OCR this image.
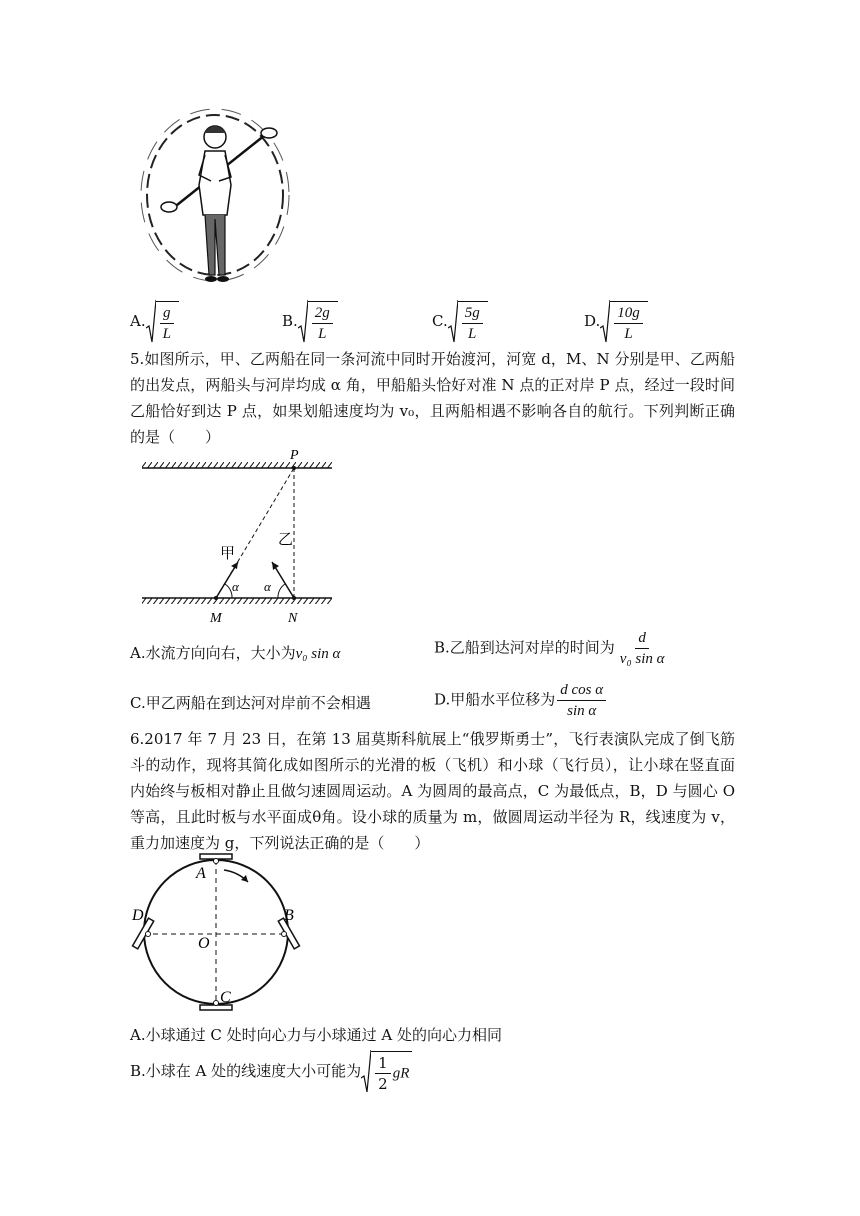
A. $\frac{g}{L}$	B. $\frac{2g}{L}$	C. $\frac{5g}{L}$	D. $\frac{10g}{L}$
5.如图所示，甲、乙两船在同一条河流中同时开始渡河，河宽 d，M、N 分别是甲、乙两船的出发点，两船头与河岸均成 α 角，甲船船头恰好对准 N 点的正对岸 P 点，经过一段时间乙船恰好到达 P 点，如果划船速度均为 v₀，且两船相遇不影响各自的航行。下列判断正确的是（　　）
P
α α
甲
乙
M	N
A.水流方向向右，大小为v₀ sin α	B.乙船到达河对岸的时间为 $\frac{d}{\text{v₀ sin α}}$
C.甲乙两船在到达河对岸前不会相遇	D.甲船水平位移为 $\frac{\text{d cos α}}{\text{sin α}}$
6.2017 年 7 月 23 日，在第 13 届莫斯科航展上“俄罗斯勇士”，飞行表演队完成了倒飞筋斗的动作，现将其简化成如图所示的光滑的板（飞机）和小球（飞行员），让小球在竖直面内始终与板相对静止且做匀速圆周运动。A 为圆周的最高点，C 为最低点，B，D 与圆心 O 等高，且此时板与水平面成θ角。设小球的质量为 m，做圆周运动半径为 R，线速度为 v，重力加速度为 g，下列说法正确的是（　　）
A
B
C
D
O
A.小球通过 C 处时向心力与小球通过 A 处的向心力相同
B.小球在 A 处的线速度大小可能为 $\frac{1}{2}$ gR
